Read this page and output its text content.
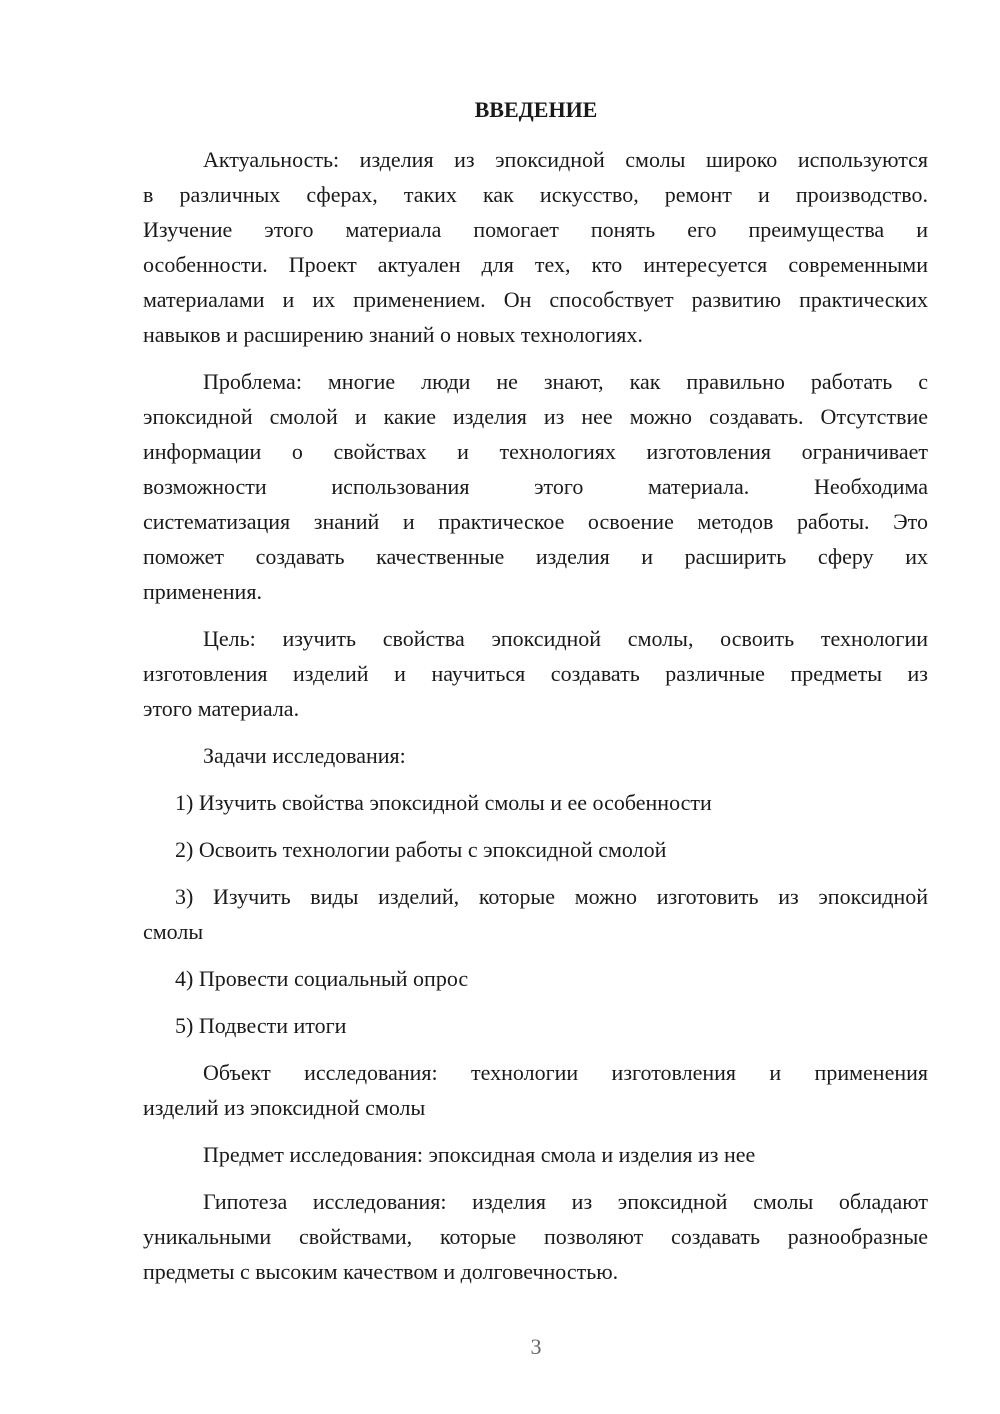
ВВЕДЕНИЕ
Актуальность: изделия из эпоксидной смолы широко используются
в различных сферах, таких как искусство, ремонт и производство.
Изучение этого материала помогает понять его преимущества и
особенности. Проект актуален для тех, кто интересуется современными
материалами и их применением. Он способствует развитию практических
навыков и расширению знаний о новых технологиях.
Проблема: многие люди не знают, как правильно работать с
эпоксидной смолой и какие изделия из нее можно создавать. Отсутствие
информации о свойствах и технологиях изготовления ограничивает
возможности использования этого материала. Необходима
систематизация знаний и практическое освоение методов работы. Это
поможет создавать качественные изделия и расширить сферу их
применения.
Цель: изучить свойства эпоксидной смолы, освоить технологии
изготовления изделий и научиться создавать различные предметы из
этого материала.
Задачи исследования:
1) Изучить свойства эпоксидной смолы и ее особенности
2) Освоить технологии работы с эпоксидной смолой
3) Изучить виды изделий, которые можно изготовить из эпоксидной
смолы
4) Провести социальный опрос
5) Подвести итоги
Объект исследования: технологии изготовления и применения
изделий из эпоксидной смолы
Предмет исследования: эпоксидная смола и изделия из нее
Гипотеза исследования: изделия из эпоксидной смолы обладают
уникальными свойствами, которые позволяют создавать разнообразные
предметы с высоким качеством и долговечностью.
3
